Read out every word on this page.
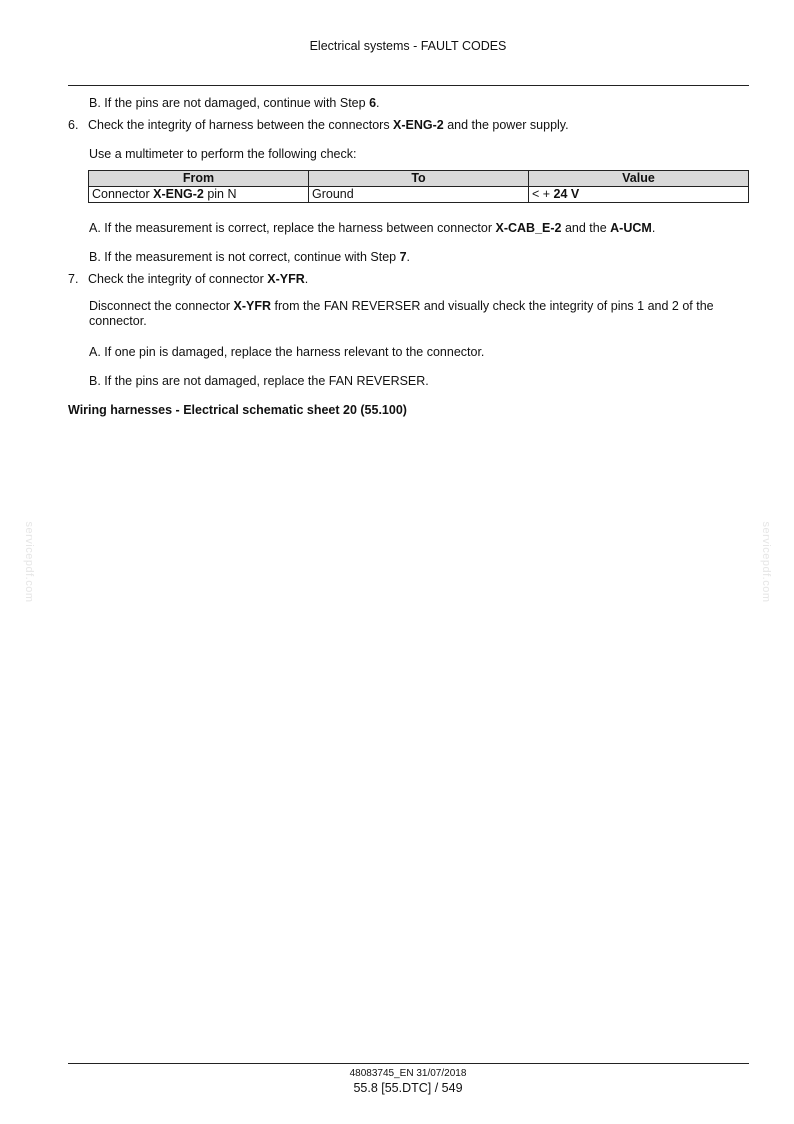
Electrical systems - FAULT CODES
B. If the pins are not damaged, continue with Step 6.
6. Check the integrity of harness between the connectors X-ENG-2 and the power supply.
Use a multimeter to perform the following check:
From	To	Value
Connector X-ENG-2 pin N	Ground	< + 24 V
A. If the measurement is correct, replace the harness between connector X-CAB_E-2 and the A-UCM.
B. If the measurement is not correct, continue with Step 7.
7. Check the integrity of connector X-YFR.
Disconnect the connector X-YFR from the FAN REVERSER and visually check the integrity of pins 1 and 2 of the connector.
A. If one pin is damaged, replace the harness relevant to the connector.
B. If the pins are not damaged, replace the FAN REVERSER.
Wiring harnesses - Electrical schematic sheet 20 (55.100)
servicepdf.com	servicepdf.com
48083745_EN 31/07/2018
55.8 [55.DTC] / 549
